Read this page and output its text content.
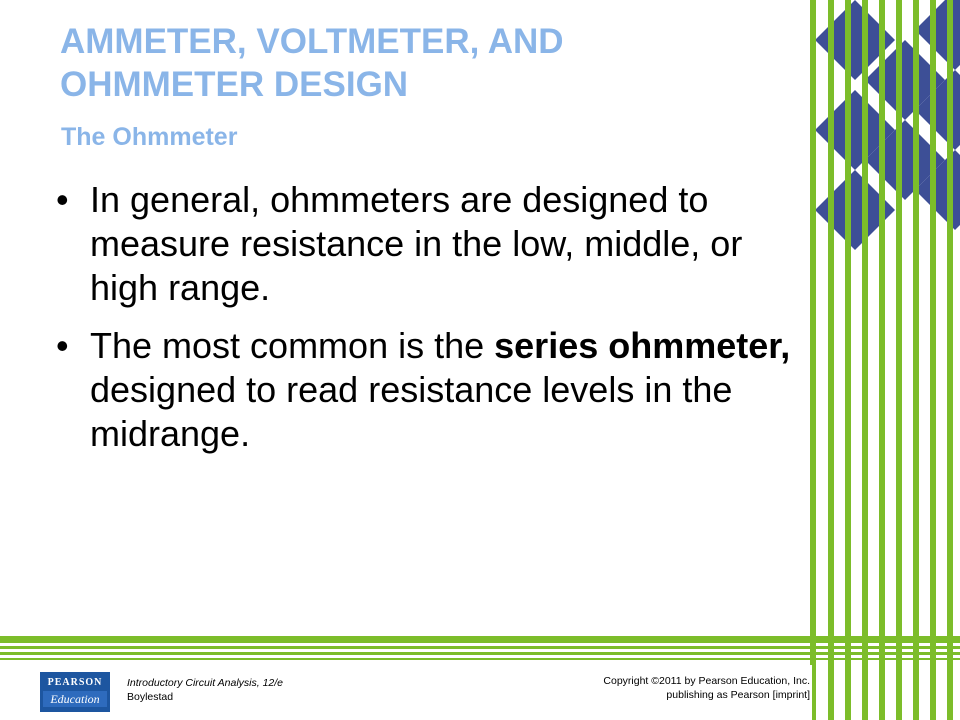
AMMETER, VOLTMETER, AND
OHMMETER DESIGN
The Ohmmeter
• In general, ohmmeters are designed to measure resistance in the low, middle, or high range.
• The most common is the series ohmmeter, designed to read resistance levels in the midrange.
PEARSON
Education
Introductory Circuit Analysis, 12/e
Boylestad
Copyright ©2011 by Pearson Education, Inc.
publishing as Pearson [imprint]
